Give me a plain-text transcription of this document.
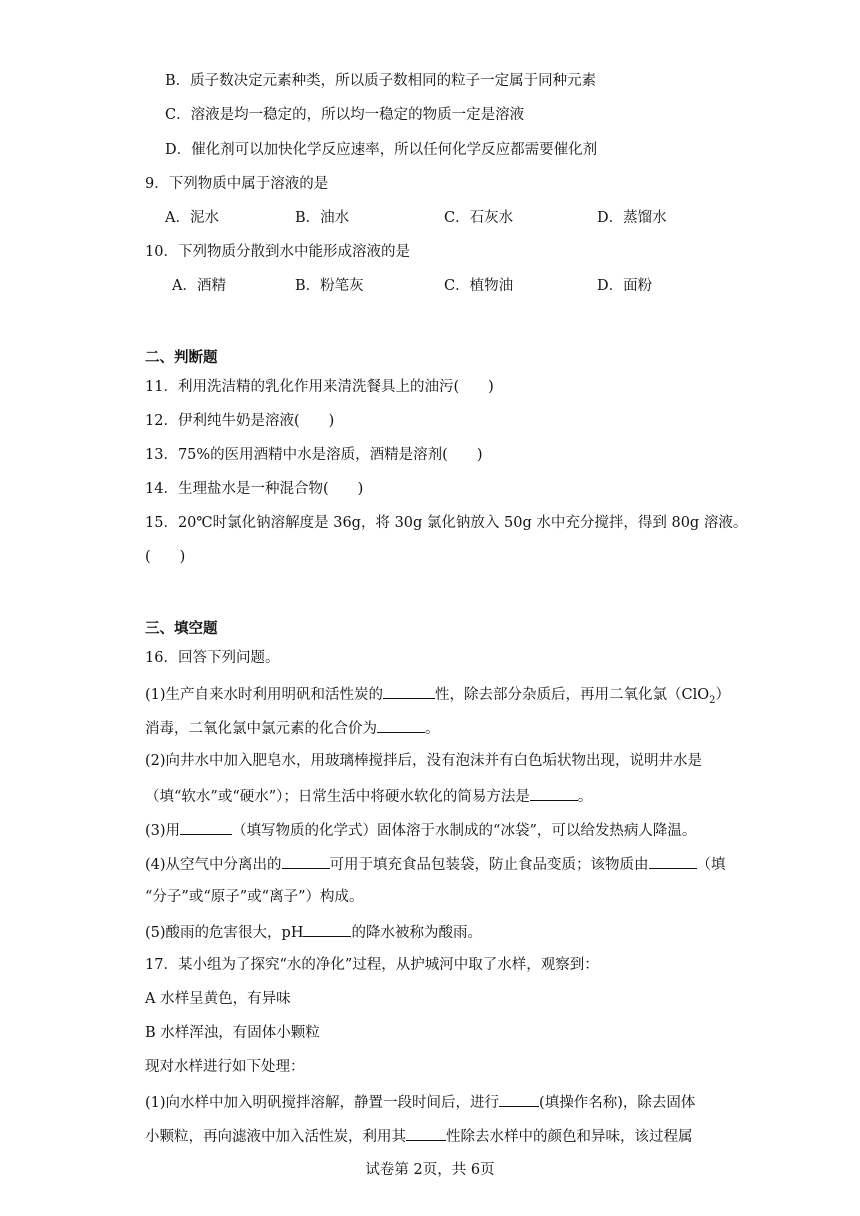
B．质子数决定元素种类，所以质子数相同的粒子一定属于同种元素
C．溶液是均一稳定的，所以均一稳定的物质一定是溶液
D．催化剂可以加快化学反应速率，所以任何化学反应都需要催化剂
9．下列物质中属于溶液的是
A．泥水	B．油水	C．石灰水	D．蒸馏水
10．下列物质分散到水中能形成溶液的是
A．酒精	B．粉笔灰	C．植物油	D．面粉
二、判断题
11．利用洗洁精的乳化作用来清洗餐具上的油污(　　)
12．伊利纯牛奶是溶液(　　)
13．75%的医用酒精中水是溶质，酒精是溶剂(　　)
14．生理盐水是一种混合物(　　)
15．20℃时氯化钠溶解度是 36g，将 30g 氯化钠放入 50g 水中充分搅拌，得到 80g 溶液。
(　　)
三、填空题
16．回答下列问题。
(1)生产自来水时利用明矾和活性炭的	性，除去部分杂质后，再用二氧化氯（ClO$_2$）
消毒，二氧化氯中氯元素的化合价为	。
(2)向井水中加入肥皂水，用玻璃棒搅拌后，没有泡沫并有白色垢状物出现，说明井水是
（填“软水”或“硬水”）；日常生活中将硬水软化的简易方法是	。
(3)用	（填写物质的化学式）固体溶于水制成的“冰袋”，可以给发热病人降温。
(4)从空气中分离出的	可用于填充食品包装袋，防止食品变质；该物质由	（填
“分子”或“原子”或“离子”）构成。
(5)酸雨的危害很大，pH	的降水被称为酸雨。
17．某小组为了探究“水的净化”过程，从护城河中取了水样，观察到：
A 水样呈黄色，有异味
B 水样浑浊，有固体小颗粒
现对水样进行如下处理：
(1)向水样中加入明矾搅拌溶解，静置一段时间后，进行	(填操作名称)，除去固体
小颗粒，再向滤液中加入活性炭，利用其	性除去水样中的颜色和异味，该过程属
试卷第 2页，共 6页
